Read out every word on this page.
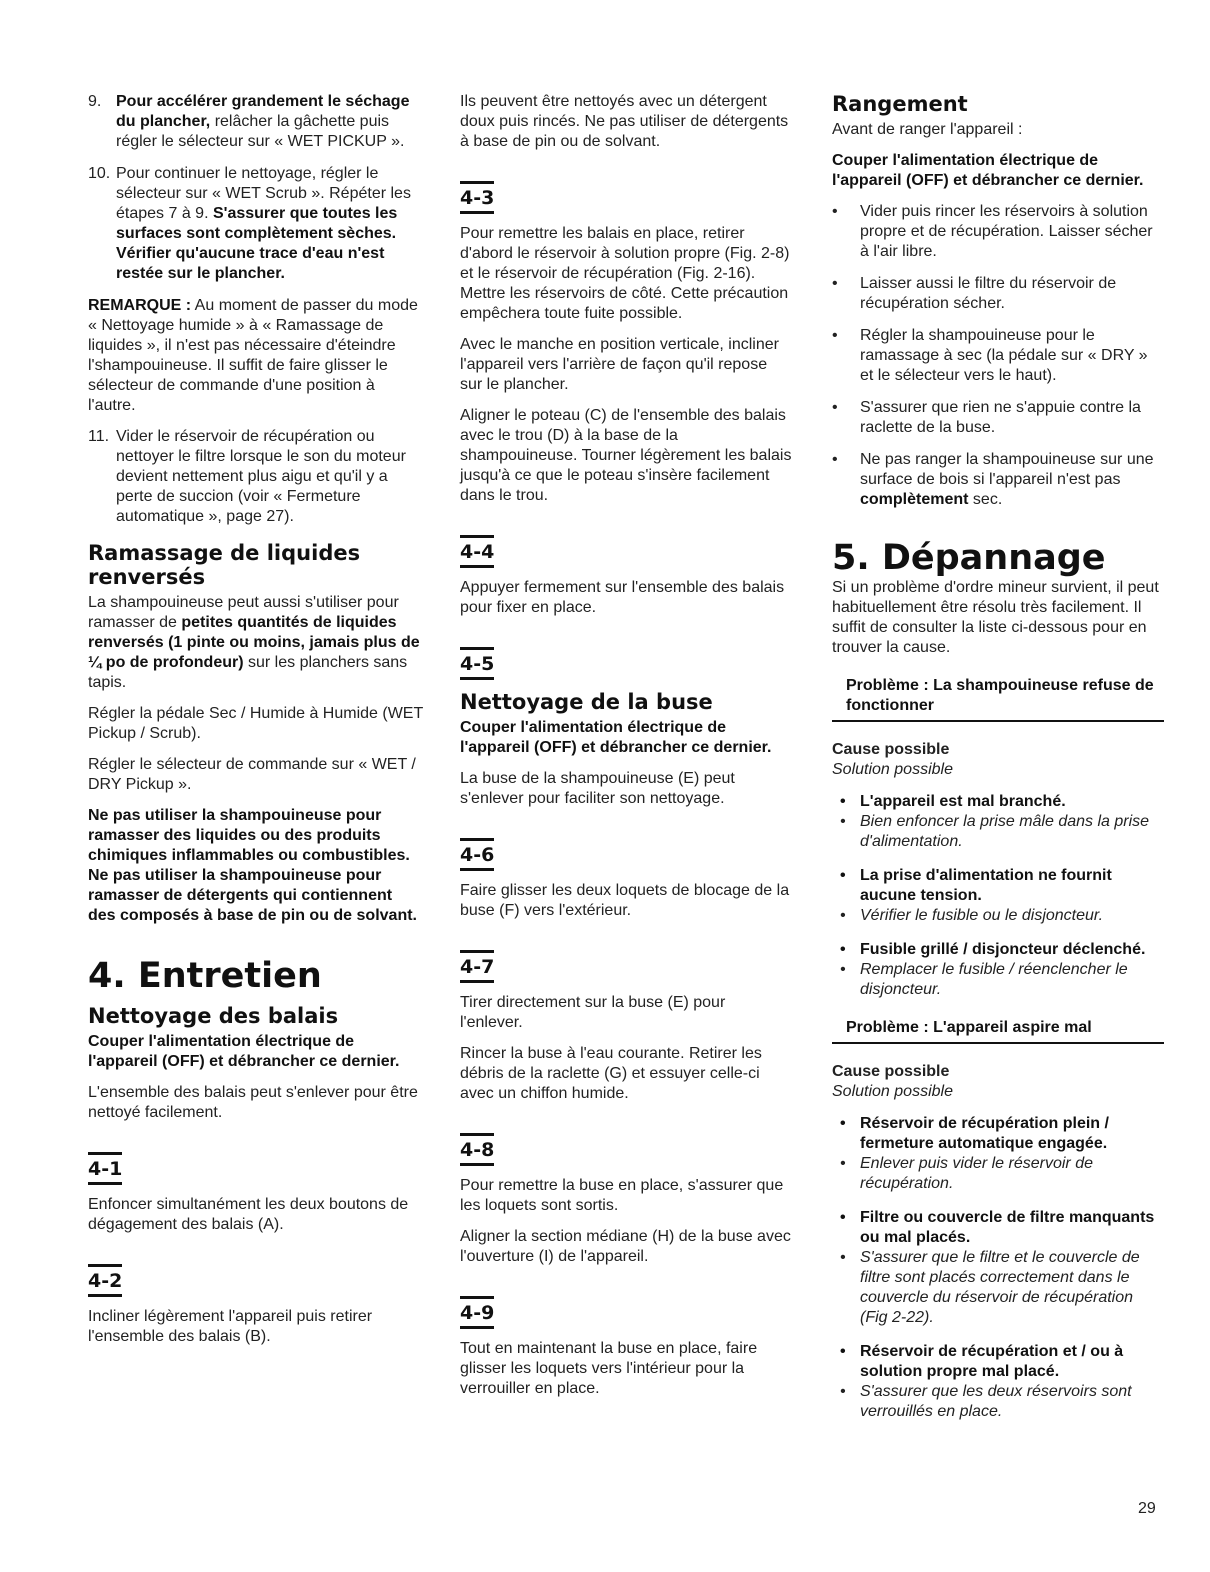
9. Pour accélérer grandement le séchage du plancher, relâcher la gâchette puis régler le sélecteur sur « WET PICKUP ».
10. Pour continuer le nettoyage, régler le sélecteur sur « WET Scrub ». Répéter les étapes 7 à 9. S'assurer que toutes les surfaces sont complètement sèches. Vérifier qu'aucune trace d'eau n'est restée sur le plancher.

REMARQUE : Au moment de passer du mode « Nettoyage humide » à « Ramassage de liquides », il n'est pas nécessaire d'éteindre l'shampouineuse. Il suffit de faire glisser le sélecteur de commande d'une position à l'autre.

11. Vider le réservoir de récupération ou nettoyer le filtre lorsque le son du moteur devient nettement plus aigu et qu'il y a perte de succion (voir « Fermeture automatique », page 27).
Ramassage de liquides renversés

La shampouineuse peut aussi s'utiliser pour ramasser de petites quantités de liquides renversés (1 pinte ou moins, jamais plus de ¼ po de profondeur) sur les planchers sans tapis.

Régler la pédale Sec / Humide à Humide (WET Pickup / Scrub).

Régler le sélecteur de commande sur « WET / DRY Pickup ».

Ne pas utiliser la shampouineuse pour ramasser des liquides ou des produits chimiques inflammables ou combustibles. Ne pas utiliser la shampouineuse pour ramasser de détergents qui contiennent des composés à base de pin ou de solvant.

4. Entretien
Nettoyage des balais

Couper l'alimentation électrique de l'appareil (OFF) et débrancher ce dernier.

L'ensemble des balais peut s'enlever pour être nettoyé facilement.

4-1

Enfoncer simultanément les deux boutons de dégagement des balais (A).

4-2

Incliner légèrement l'appareil puis retirer l'ensemble des balais (B).

Ils peuvent être nettoyés avec un détergent doux puis rincés. Ne pas utiliser de détergents à base de pin ou de solvant.

4-3

Pour remettre les balais en place, retirer d'abord le réservoir à solution propre (Fig. 2-8) et le réservoir de récupération (Fig. 2-16). Mettre les réservoirs de côté. Cette précaution empêchera toute fuite possible.

Avec le manche en position verticale, incliner l'appareil vers l'arrière de façon qu'il repose sur le plancher.

Aligner le poteau (C) de l'ensemble des balais avec le trou (D) à la base de la shampouineuse. Tourner légèrement les balais jusqu'à ce que le poteau s'insère facilement dans le trou.

4-4

Appuyer fermement sur l'ensemble des balais pour fixer en place.

4-5
Nettoyage de la buse

Couper l'alimentation électrique de l'appareil (OFF) et débrancher ce dernier.

La buse de la shampouineuse (E) peut s'enlever pour faciliter son nettoyage.

4-6

Faire glisser les deux loquets de blocage de la buse (F) vers l'extérieur.

4-7

Tirer directement sur la buse (E) pour l'enlever.

Rincer la buse à l'eau courante. Retirer les débris de la raclette (G) et essuyer celle-ci avec un chiffon humide.

4-8

Pour remettre la buse en place, s'assurer que les loquets sont sortis.

Aligner la section médiane (H) de la buse avec l'ouverture (I) de l'appareil.

4-9

Tout en maintenant la buse en place, faire glisser les loquets vers l'intérieur pour la verrouiller en place.

Rangement

Avant de ranger l'appareil :

Couper l'alimentation électrique de l'appareil (OFF) et débrancher ce dernier.

• Vider puis rincer les réservoirs à solution propre et de récupération. Laisser sécher à l'air libre.
• Laisser aussi le filtre du réservoir de récupération sécher.
• Régler la shampouineuse pour le ramassage à sec (la pédale sur « DRY » et le sélecteur vers le haut).
• S'assurer que rien ne s'appuie contre la raclette de la buse.
• Ne pas ranger la shampouineuse sur une surface de bois si l'appareil n'est pas complètement sec.
5. Dépannage

Si un problème d'ordre mineur survient, il peut habituellement être résolu très facilement. Il suffit de consulter la liste ci-dessous pour en trouver la cause.

Problème : La shampouineuse refuse de fonctionner

Cause possible

Solution possible

• L'appareil est mal branché.
• Bien enfoncer la prise mâle dans la prise d'alimentation.
• La prise d'alimentation ne fournit aucune tension.
• Vérifier le fusible ou le disjoncteur.
• Fusible grillé / disjoncteur déclenché.
• Remplacer le fusible / réenclencher le disjoncteur.
Problème : L'appareil aspire mal

Cause possible

Solution possible

• Réservoir de récupération plein / fermeture automatique engagée.
• Enlever puis vider le réservoir de récupération.
• Filtre ou couvercle de filtre manquants ou mal placés.
• S'assurer que le filtre et le couvercle de filtre sont placés correctement dans le couvercle du réservoir de récupération (Fig 2-22).
• Réservoir de récupération et / ou à solution propre mal placé.
• S'assurer que les deux réservoirs sont verrouillés en place.
29
